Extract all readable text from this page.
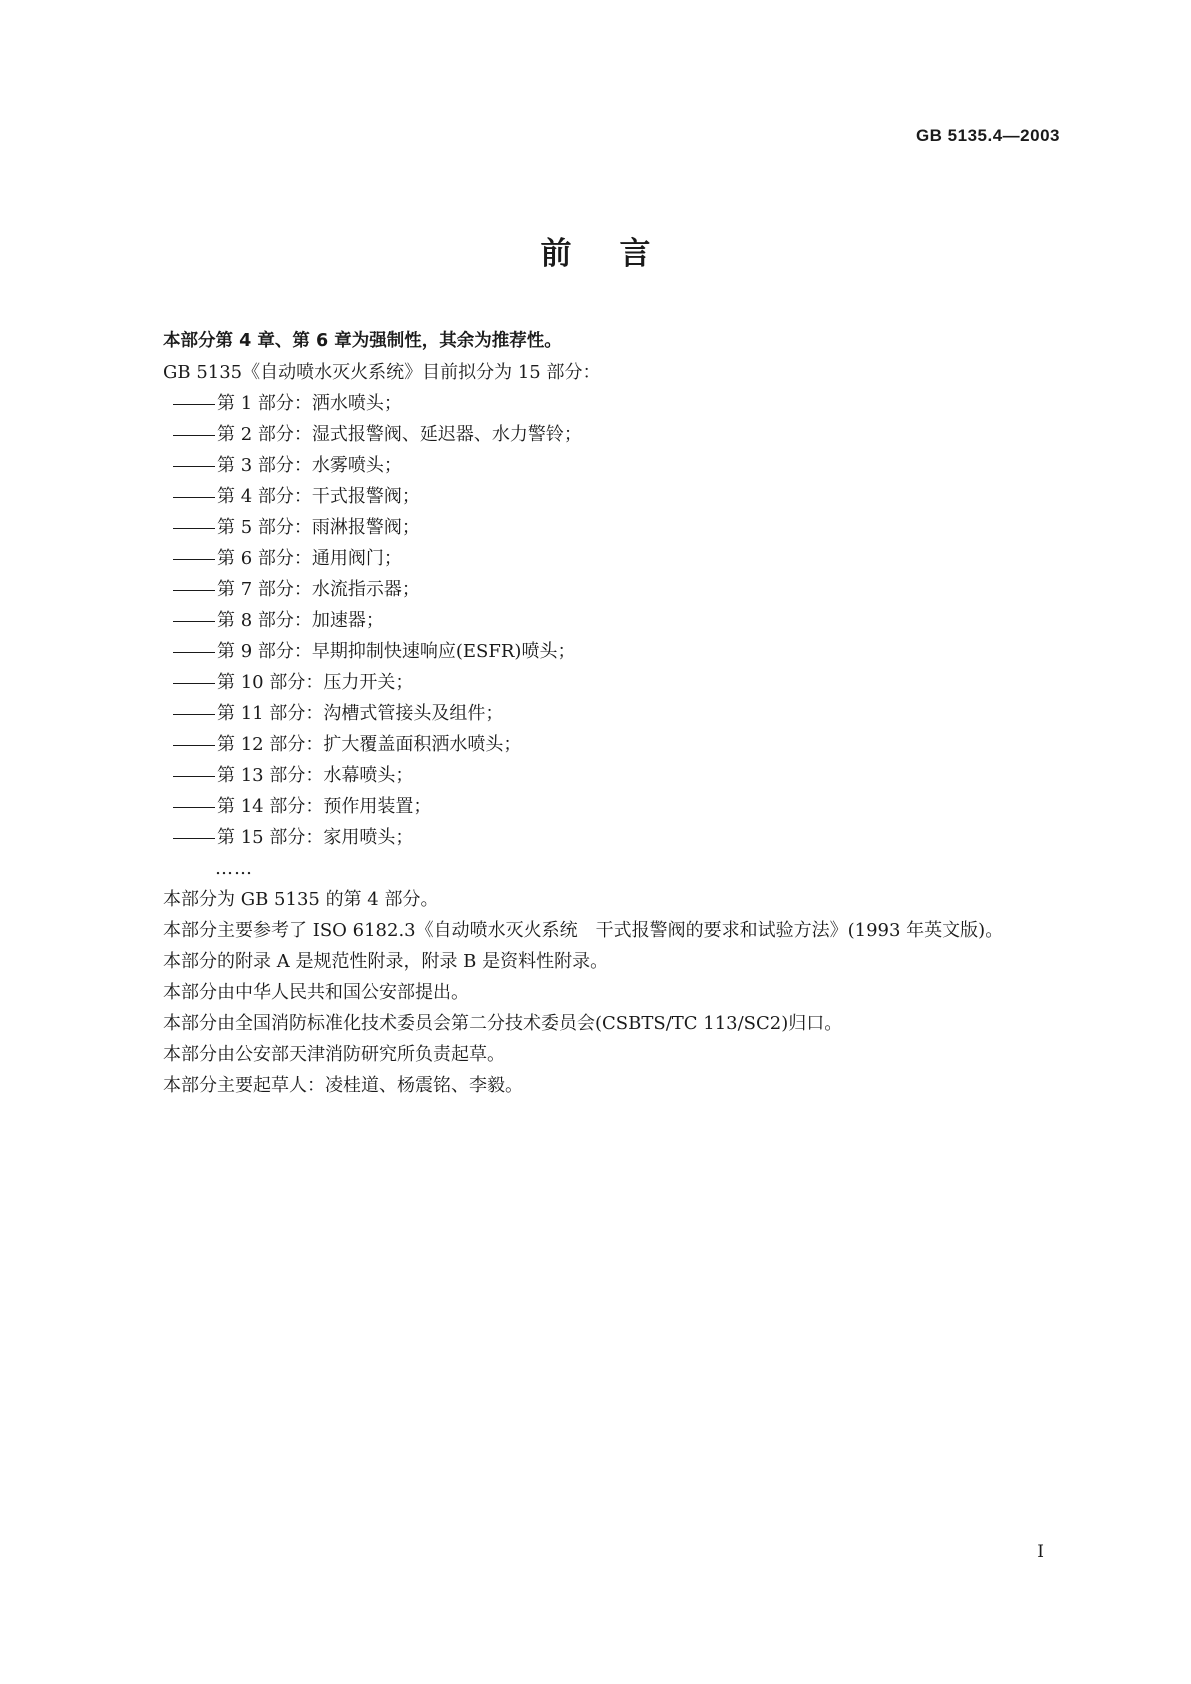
GB 5135.4—2003
前言

本部分第 4 章、第 6 章为强制性，其余为推荐性。

GB 5135《自动喷水灭火系统》目前拟分为 15 部分：

第 1 部分：洒水喷头；
第 2 部分：湿式报警阀、延迟器、水力警铃；
第 3 部分：水雾喷头；
第 4 部分：干式报警阀；
第 5 部分：雨淋报警阀；
第 6 部分：通用阀门；
第 7 部分：水流指示器；
第 8 部分：加速器；
第 9 部分：早期抑制快速响应(ESFR)喷头；
第 10 部分：压力开关；
第 11 部分：沟槽式管接头及组件；
第 12 部分：扩大覆盖面积洒水喷头；
第 13 部分：水幕喷头；
第 14 部分：预作用装置；
第 15 部分：家用喷头；

……

本部分为 GB 5135 的第 4 部分。

本部分主要参考了 ISO 6182.3《自动喷水灭火系统　干式报警阀的要求和试验方法》(1993 年英文版)。

本部分的附录 A 是规范性附录，附录 B 是资料性附录。

本部分由中华人民共和国公安部提出。

本部分由全国消防标准化技术委员会第二分技术委员会(CSBTS/TC 113/SC2)归口。

本部分由公安部天津消防研究所负责起草。

本部分主要起草人：凌桂道、杨震铭、李毅。

I
